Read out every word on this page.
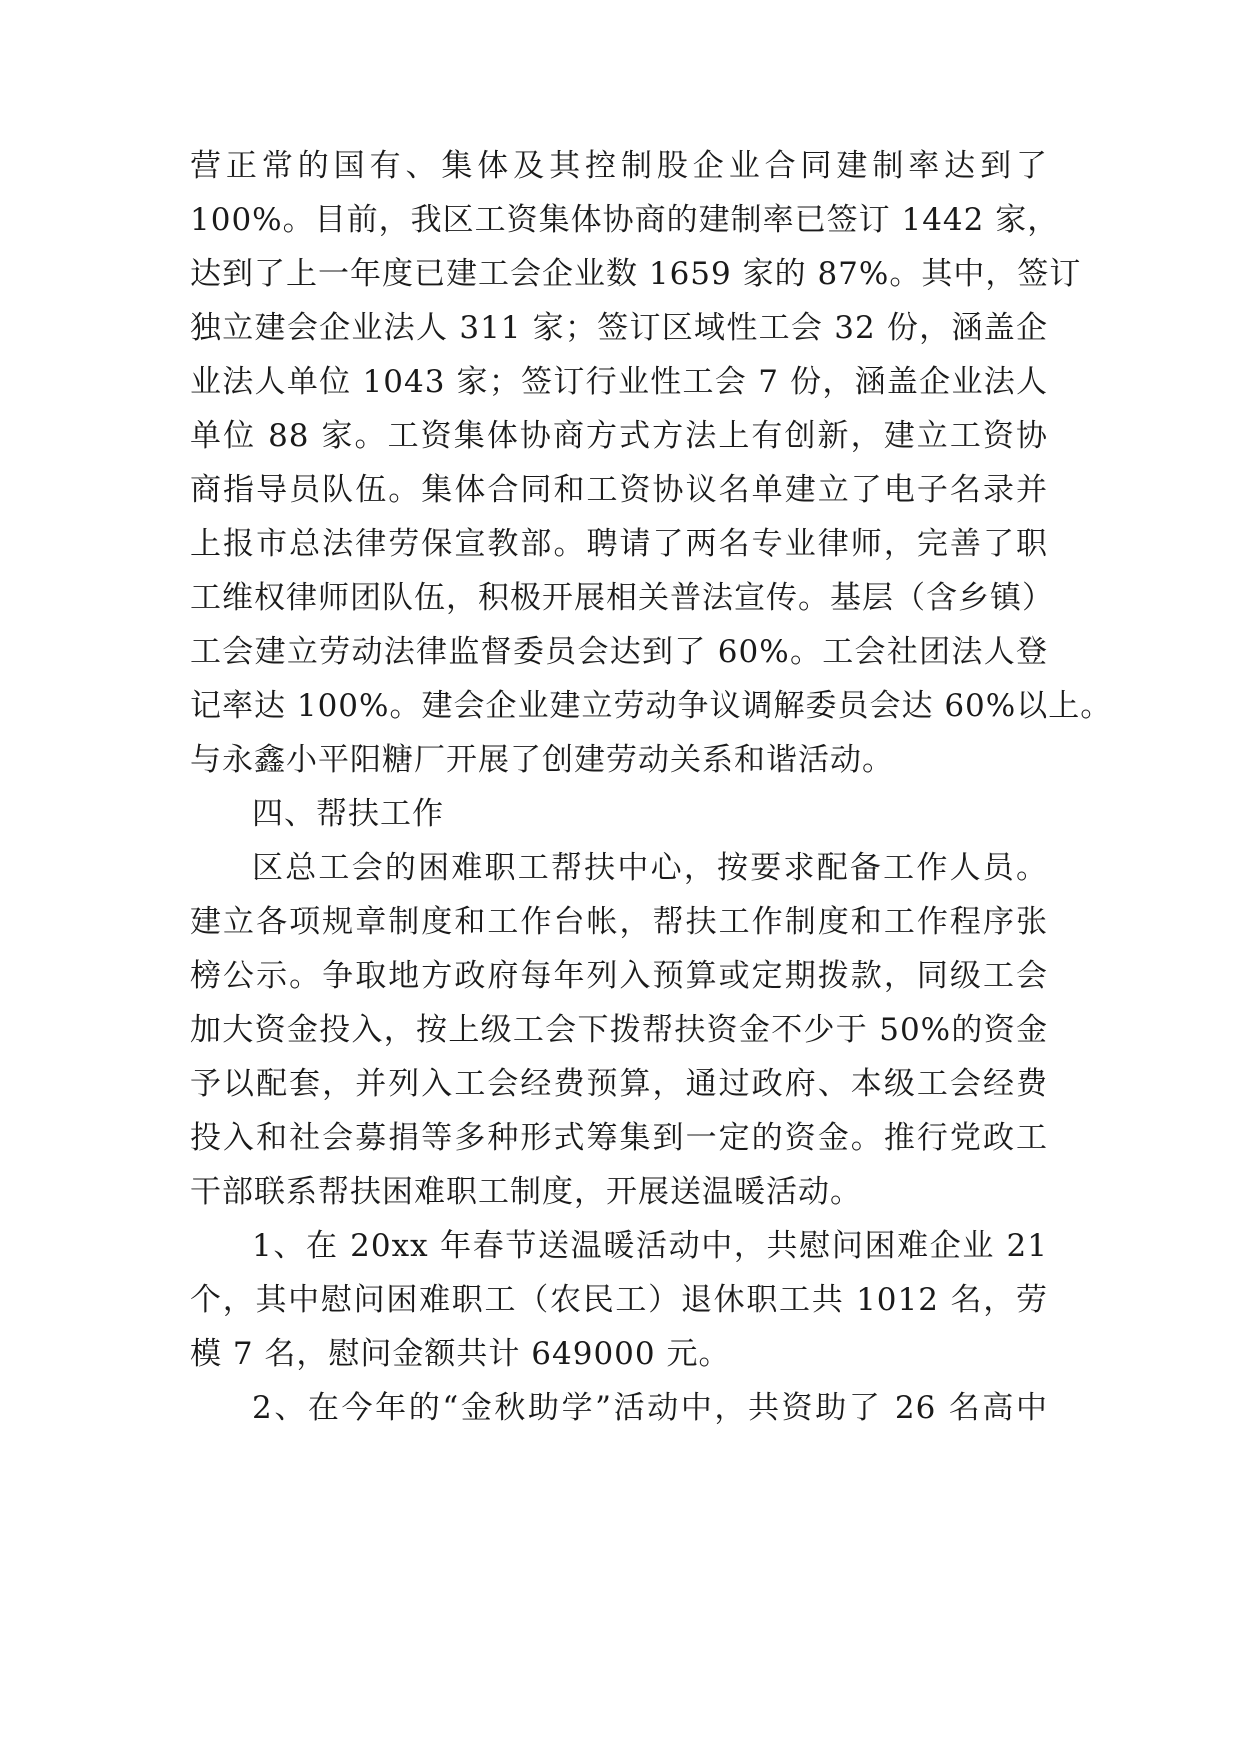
营正常的国有、集体及其控制股企业合同建制率达到了
100%。目前，我区工资集体协商的建制率已签订 1442 家，
达到了上一年度已建工会企业数 1659 家的 87%。其中，签订
独立建会企业法人 311 家；签订区域性工会 32 份，涵盖企
业法人单位 1043 家；签订行业性工会 7 份，涵盖企业法人
单位 88 家。工资集体协商方式方法上有创新，建立工资协
商指导员队伍。集体合同和工资协议名单建立了电子名录并
上报市总法律劳保宣教部。聘请了两名专业律师，完善了职
工维权律师团队伍，积极开展相关普法宣传。基层（含乡镇）
工会建立劳动法律监督委员会达到了 60%。工会社团法人登
记率达 100%。建会企业建立劳动争议调解委员会达 60%以上。
与永鑫小平阳糖厂开展了创建劳动关系和谐活动。
四、帮扶工作
区总工会的困难职工帮扶中心，按要求配备工作人员。
建立各项规章制度和工作台帐，帮扶工作制度和工作程序张
榜公示。争取地方政府每年列入预算或定期拨款，同级工会
加大资金投入，按上级工会下拨帮扶资金不少于 50%的资金
予以配套，并列入工会经费预算，通过政府、本级工会经费
投入和社会募捐等多种形式筹集到一定的资金。推行党政工
干部联系帮扶困难职工制度，开展送温暖活动。
1、在 20xx 年春节送温暖活动中，共慰问困难企业 21
个，其中慰问困难职工（农民工）退休职工共 1012 名，劳
模 7 名，慰问金额共计 649000 元。
2、在今年的“金秋助学”活动中，共资助了 26 名高中
